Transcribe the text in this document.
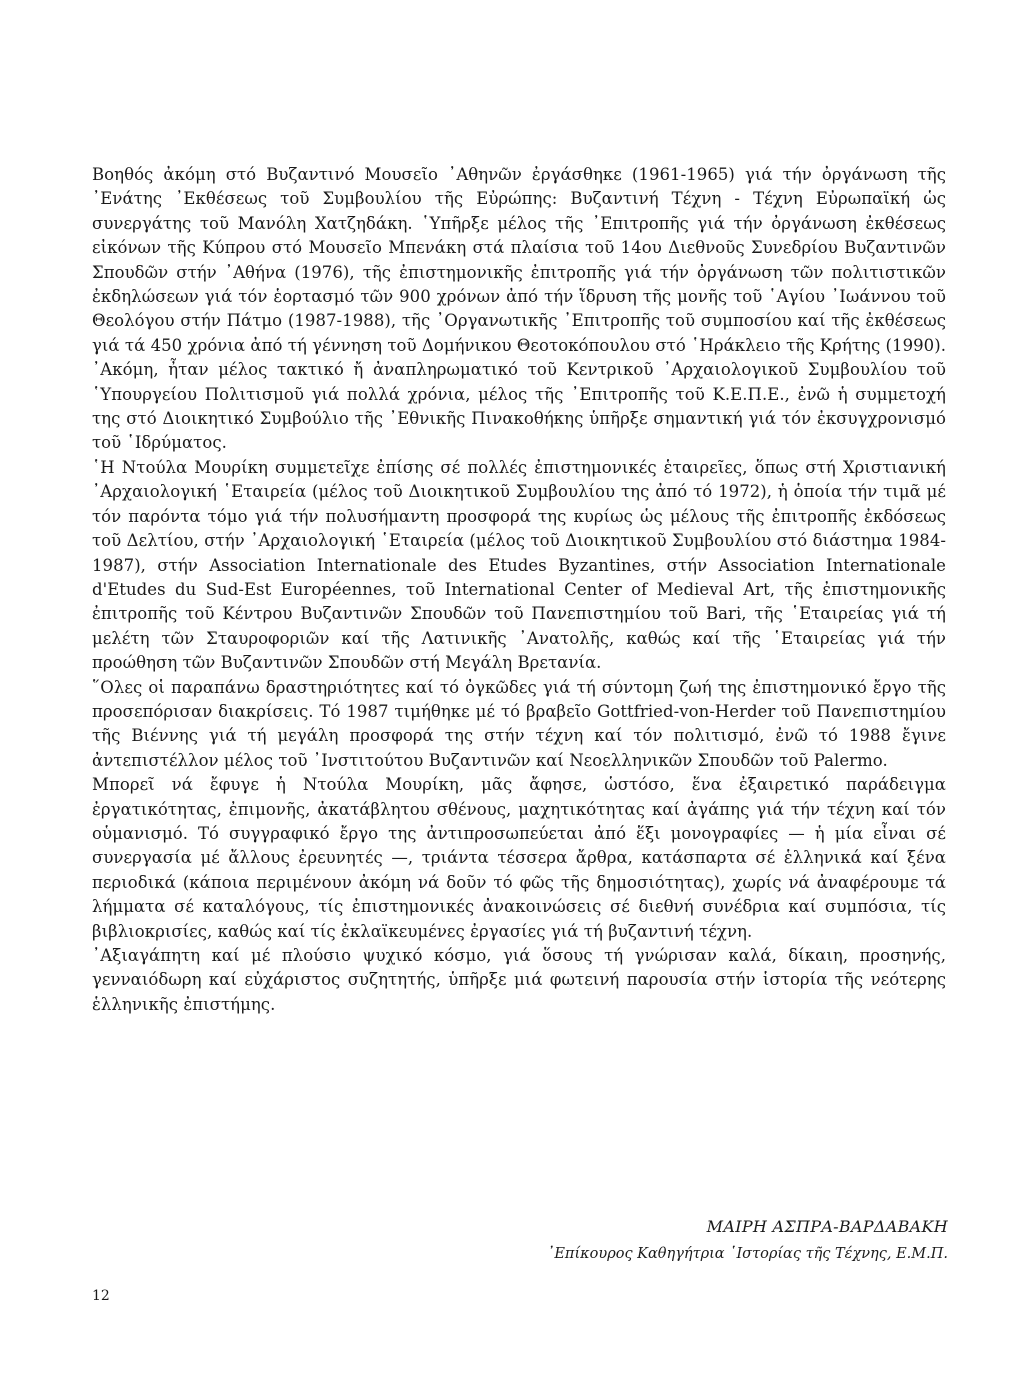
Βοηθός ἀκόμη στό Βυζαντινό Μουσεῖο ᾿Αθηνῶν ἐργάσθηκε (1961-1965) γιά τήν ὀργάνωση τῆς ᾿Ενάτης ᾿Εκθέσεως τοῦ Συμβουλίου τῆς Εὐρώπης: Βυζαντινή Τέχνη - Τέχνη Εὐρωπαϊκή ὡς συνεργάτης τοῦ Μανόλη Χατζηδάκη. ῾Υπῆρξε μέλος τῆς ᾿Επιτροπῆς γιά τήν ὀργάνωση ἐκθέσεως εἰκόνων τῆς Κύπρου στό Μουσεῖο Μπενάκη στά πλαίσια τοῦ 14ου Διεθνοῦς Συνεδρίου Βυζαντινῶν Σπουδῶν στήν ᾿Αθήνα (1976), τῆς ἐπιστημονικῆς ἐπιτροπῆς γιά τήν ὀργάνωση τῶν πολιτιστικῶν ἐκδηλώσεων γιά τόν ἑορτασμό τῶν 900 χρόνων ἀπό τήν ἵδρυση τῆς μονῆς τοῦ ῾Αγίου ᾿Ιωάννου τοῦ Θεολόγου στήν Πάτμο (1987-1988), τῆς ᾿Οργανωτικῆς ᾿Επιτροπῆς τοῦ συμποσίου καί τῆς ἐκθέσεως γιά τά 450 χρόνια ἀπό τή γέννηση τοῦ Δομήνικου Θεοτοκόπουλου στό ῾Ηράκλειο τῆς Κρήτης (1990). ᾿Ακόμη, ἦταν μέλος τακτικό ἤ ἀναπληρωματικό τοῦ Κεντρικοῦ ᾿Αρχαιολογικοῦ Συμβουλίου τοῦ ῾Υπουργείου Πολιτισμοῦ γιά πολλά χρόνια, μέλος τῆς ᾿Επιτροπῆς τοῦ Κ.Ε.Π.Ε., ἐνῶ ἡ συμμετοχή της στό Διοικητικό Συμβούλιο τῆς ᾿Εθνικῆς Πινακοθήκης ὑπῆρξε σημαντική γιά τόν ἐκσυγχρονισμό τοῦ ῾Ιδρύματος.

῾Η Ντούλα Μουρίκη συμμετεῖχε ἐπίσης σέ πολλές ἐπιστημονικές ἑταιρεῖες, ὅπως στή Χριστιανική ᾿Αρχαιολογική ῾Εταιρεία (μέλος τοῦ Διοικητικοῦ Συμβουλίου της ἀπό τό 1972), ἡ ὁποία τήν τιμᾶ μέ τόν παρόντα τόμο γιά τήν πολυσήμαντη προσφορά της κυρίως ὡς μέλους τῆς ἐπιτροπῆς ἐκδόσεως τοῦ Δελτίου, στήν ᾿Αρχαιολογική ῾Εταιρεία (μέλος τοῦ Διοικητικοῦ Συμβουλίου στό διάστημα 1984-1987), στήν Association Internationale des Etudes Byzantines, στήν Association Internationale d'Etudes du Sud-Est Européennes, τοῦ International Center of Medieval Art, τῆς ἐπιστημονικῆς ἐπιτροπῆς τοῦ Κέντρου Βυζαντινῶν Σπουδῶν τοῦ Πανεπιστημίου τοῦ Bari, τῆς ῾Εταιρείας γιά τή μελέτη τῶν Σταυροφοριῶν καί τῆς Λατινικῆς ᾿Ανατολῆς, καθώς καί τῆς ῾Εταιρείας γιά τήν προώθηση τῶν Βυζαντινῶν Σπουδῶν στή Μεγάλη Βρετανία.

῞Ολες οἱ παραπάνω δραστηριότητες καί τό ὀγκῶδες γιά τή σύντομη ζωή της ἐπιστημονικό ἔργο τῆς προσεπόρισαν διακρίσεις. Τό 1987 τιμήθηκε μέ τό βραβεῖο Gottfried-von-Herder τοῦ Πανεπιστημίου τῆς Βιέννης γιά τή μεγάλη προσφορά της στήν τέχνη καί τόν πολιτισμό, ἐνῶ τό 1988 ἔγινε ἀντεπιστέλλον μέλος τοῦ ᾿Ινστιτούτου Βυζαντινῶν καί Νεοελληνικῶν Σπουδῶν τοῦ Palermo.

Μπορεῖ νά ἔφυγε ἡ Ντούλα Μουρίκη, μᾶς ἄφησε, ὡστόσο, ἕνα ἐξαιρετικό παράδειγμα ἐργατικότητας, ἐπιμονῆς, ἀκατάβλητου σθένους, μαχητικότητας καί ἀγάπης γιά τήν τέχνη καί τόν οὑμανισμό. Τό συγγραφικό ἔργο της ἀντιπροσωπεύεται ἀπό ἕξι μονογραφίες — ἡ μία εἶναι σέ συνεργασία μέ ἄλλους ἐρευνητές —, τριάντα τέσσερα ἄρθρα, κατάσπαρτα σέ ἑλληνικά καί ξένα περιοδικά (κάποια περιμένουν ἀκόμη νά δοῦν τό φῶς τῆς δημοσιότητας), χωρίς νά ἀναφέρουμε τά λήμματα σέ καταλόγους, τίς ἐπιστημονικές ἀνακοινώσεις σέ διεθνή συνέδρια καί συμπόσια, τίς βιβλιοκρισίες, καθώς καί τίς ἐκλαϊκευμένες ἐργασίες γιά τή βυζαντινή τέχνη.

᾿Αξιαγάπητη καί μέ πλούσιο ψυχικό κόσμο, γιά ὅσους τή γνώρισαν καλά, δίκαιη, προσηνής, γενναιόδωρη καί εὐχάριστος συζητητής, ὑπῆρξε μιά φωτεινή παρουσία στήν ἱστορία τῆς νεότερης ἑλληνικῆς ἐπιστήμης.

ΜΑΙΡΗ ΑΣΠΡΑ-ΒΑΡΔΑΒΑΚΗ
᾿Επίκουρος Καθηγήτρια ῾Ιστορίας τῆς Τέχνης, Ε.Μ.Π.
12
